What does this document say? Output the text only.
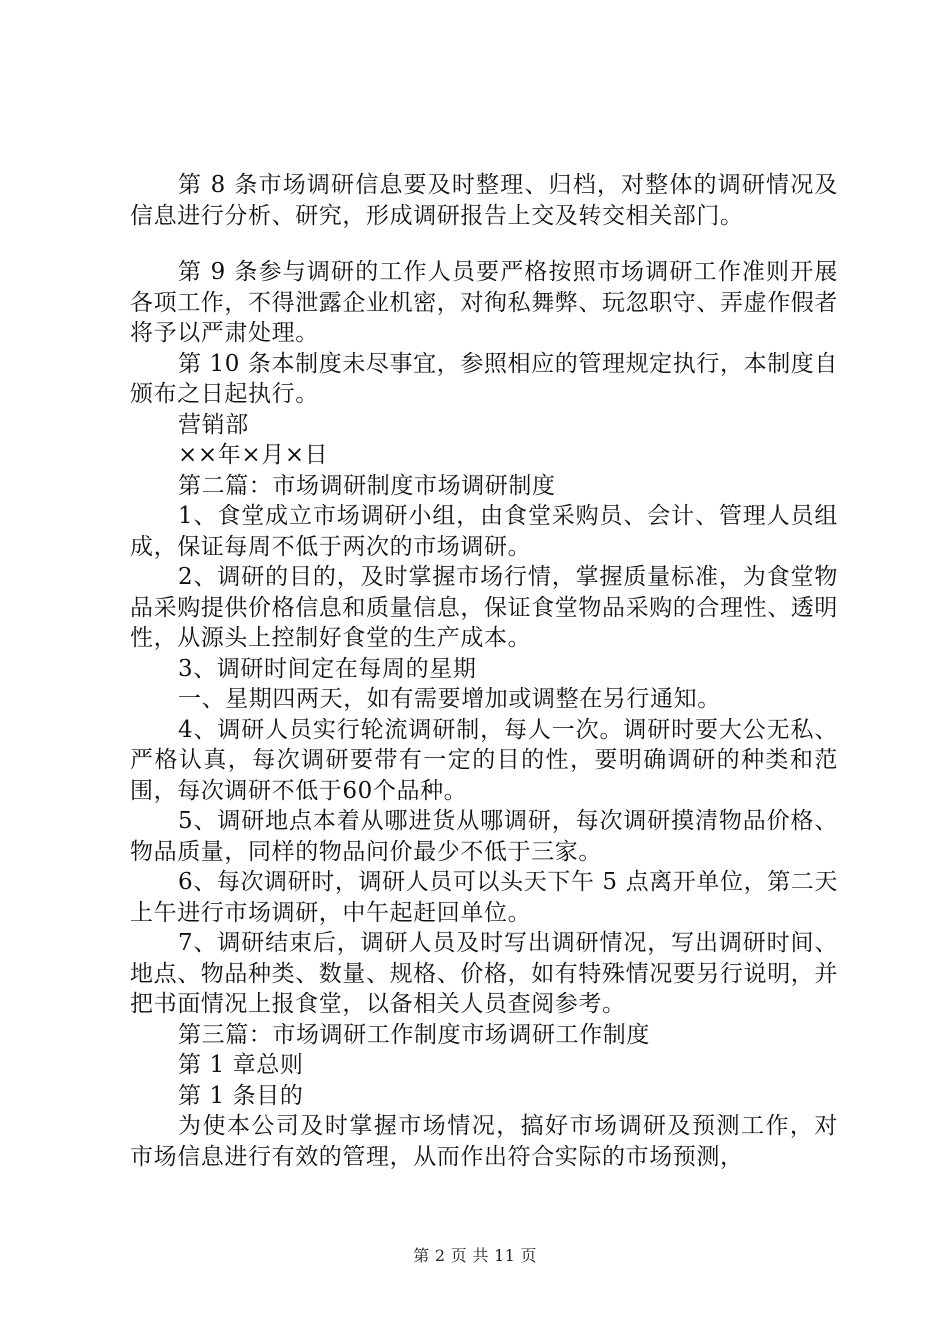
第 8 条市场调研信息要及时整理、归档，对整体的调研情况及信息进行分析、研究，形成调研报告上交及转交相关部门。

第 9 条参与调研的工作人员要严格按照市场调研工作准则开展各项工作，不得泄露企业机密，对徇私舞弊、玩忽职守、弄虚作假者将予以严肃处理。

第 10 条本制度未尽事宜，参照相应的管理规定执行，本制度自颁布之日起执行。

营销部

××年×月×日

第二篇：市场调研制度市场调研制度

1、食堂成立市场调研小组，由食堂采购员、会计、管理人员组成，保证每周不低于两次的市场调研。

2、调研的目的，及时掌握市场行情，掌握质量标准，为食堂物品采购提供价格信息和质量信息，保证食堂物品采购的合理性、透明性，从源头上控制好食堂的生产成本。

3、调研时间定在每周的星期

一、星期四两天，如有需要增加或调整在另行通知。

4、调研人员实行轮流调研制，每人一次。调研时要大公无私、严格认真，每次调研要带有一定的目的性，要明确调研的种类和范围，每次调研不低于60个品种。

5、调研地点本着从哪进货从哪调研，每次调研摸清物品价格、物品质量，同样的物品问价最少不低于三家。

6、每次调研时，调研人员可以头天下午 5 点离开单位，第二天上午进行市场调研，中午起赶回单位。

7、调研结束后，调研人员及时写出调研情况，写出调研时间、地点、物品种类、数量、规格、价格，如有特殊情况要另行说明，并把书面情况上报食堂，以备相关人员查阅参考。

第三篇：市场调研工作制度市场调研工作制度

第 1 章总则

第 1 条目的

为使本公司及时掌握市场情况，搞好市场调研及预测工作，对市场信息进行有效的管理，从而作出符合实际的市场预测，

第 2 页 共 11 页
